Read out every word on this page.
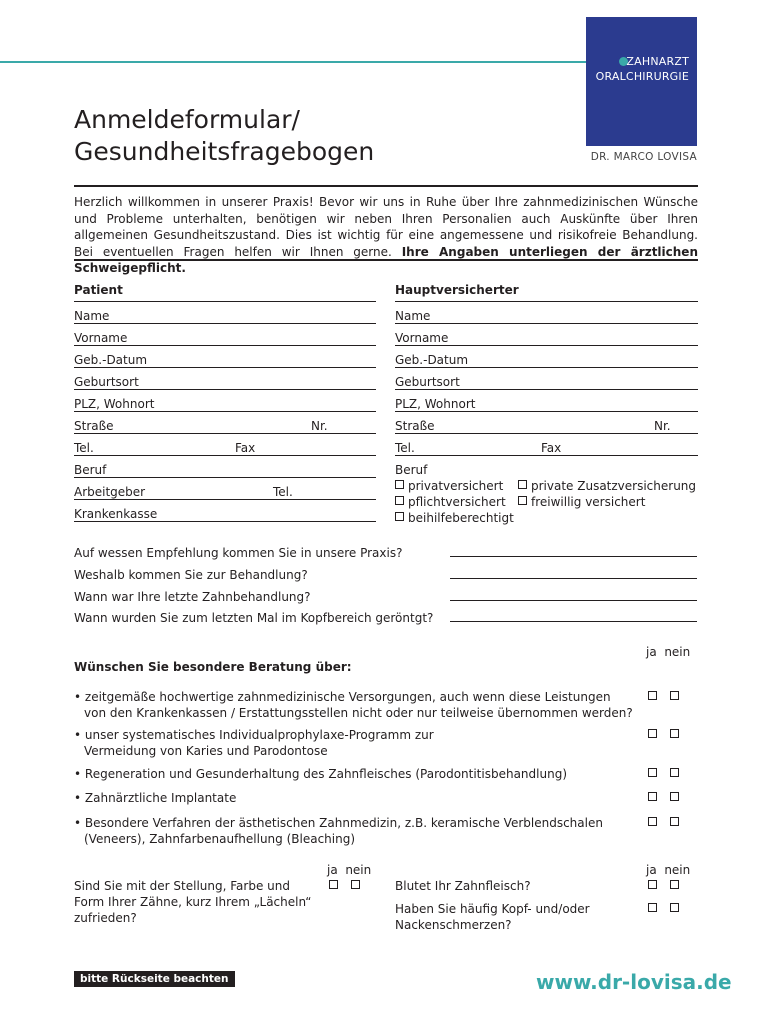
ZAHNARZT
ORALCHIRURGIE
DR. MARCO LOVISA
Anmeldeformular/
Gesundheitsfragebogen
Herzlich willkommen in unserer Praxis! Bevor wir uns in Ruhe über Ihre zahnmedizinischen Wünsche und Probleme unterhalten, benötigen wir neben Ihren Personalien auch Auskünfte über Ihren allgemeinen Gesundheitszustand. Dies ist wichtig für eine angemessene und risikofreie Behandlung. Bei eventuellen Fragen helfen wir Ihnen gerne. Ihre Angaben unterliegen der ärztlichen Schweigepflicht.
Patient
Name
Vorname
Geb.-Datum
Geburtsort
PLZ, Wohnort
Straße	Nr.
Tel.	Fax
Beruf
Arbeitgeber	Tel.
Krankenkasse
Hauptversicherter
Name
Vorname
Geb.-Datum
Geburtsort
PLZ, Wohnort
Straße	Nr.
Tel.	Fax
Beruf
privatversichert	private Zusatzversicherung
pflichtversichert	freiwillig versichert
beihilfeberechtigt
Auf wessen Empfehlung kommen Sie in unsere Praxis?
Weshalb kommen Sie zur Behandlung?
Wann war Ihre letzte Zahnbehandlung?
Wann wurden Sie zum letzten Mal im Kopfbereich geröntgt?
ja  nein
Wünschen Sie besondere Beratung über:
• zeitgemäße hochwertige zahnmedizinische Versorgungen, auch wenn diese Leistungen
von den Krankenkassen / Erstattungsstellen nicht oder nur teilweise übernommen werden?
• unser systematisches Individualprophylaxe-Programm zur
Vermeidung von Karies und Parodontose
• Regeneration und Gesunderhaltung des Zahnfleisches (Parodontitisbehandlung)
• Zahnärztliche Implantate
• Besondere Verfahren der ästhetischen Zahnmedizin, z.B. keramische Verblendschalen
(Veneers), Zahnfarbenaufhellung (Bleaching)
ja  nein	ja  nein
Sind Sie mit der Stellung, Farbe und
Form Ihrer Zähne, kurz Ihrem „Lächeln“
zufrieden?
Blutet Ihr Zahnfleisch?
Haben Sie häufig Kopf- und/oder
Nackenschmerzen?
bitte Rückseite beachten	www.dr-lovisa.de
